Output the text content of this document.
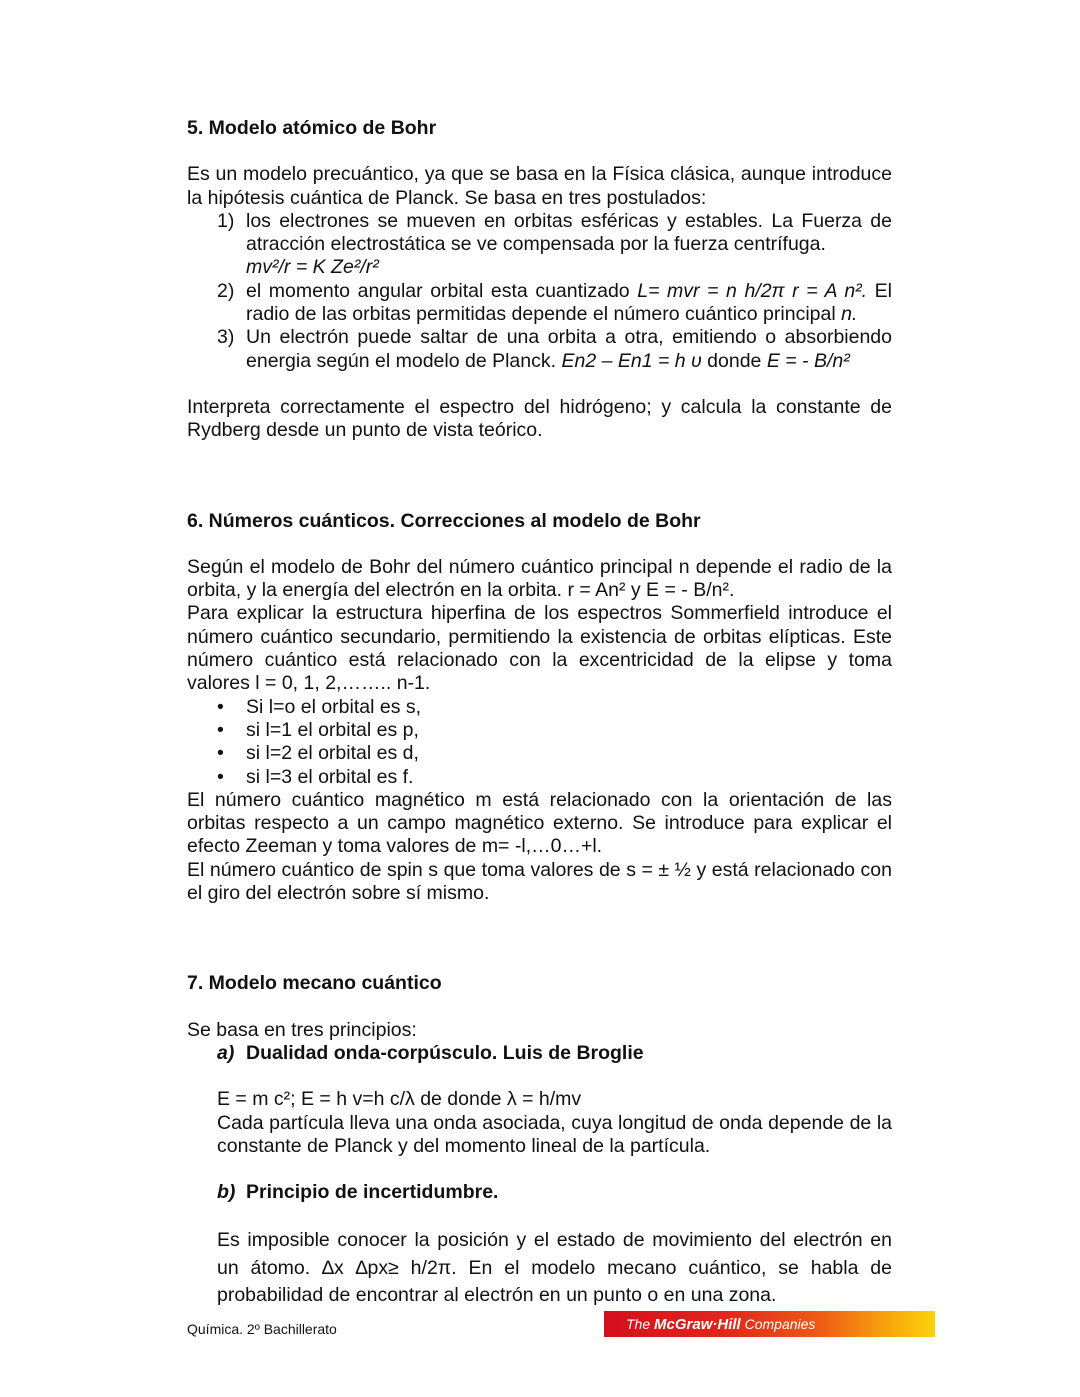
5. Modelo atómico de Bohr

Es un modelo precuántico, ya que se basa en la Física clásica, aunque introduce la hipótesis cuántica de Planck. Se basa en tres postulados:

1) los electrones se mueven en orbitas esféricas y estables. La Fuerza de atracción electrostática se ve compensada por la fuerza centrífuga.
mv²/r = K Ze²/r²
2) el momento angular orbital esta cuantizado L= mvr = n h/2π r = A n². El radio de las orbitas permitidas depende el número cuántico principal n.
3) Un electrón puede saltar de una orbita a otra, emitiendo o absorbiendo energia según el modelo de Planck. En2 – En1 = h υ donde E = - B/n²

Interpreta correctamente el espectro del hidrógeno; y calcula la constante de Rydberg desde un punto de vista teórico.

6. Números cuánticos. Correcciones al modelo de Bohr

Según el modelo de Bohr del número cuántico principal n depende el radio de la orbita, y la energía del electrón en la orbita. r = An² y E = - B/n².

Para explicar la estructura hiperfina de los espectros Sommerfield introduce el número cuántico secundario, permitiendo la existencia de orbitas elípticas. Este número cuántico está relacionado con la excentricidad de la elipse y toma valores l = 0, 1, 2,…….. n-1.

• Si l=o el orbital es s,
• si l=1 el orbital es p,
• si l=2 el orbital es d,
• si l=3 el orbital es f.

El número cuántico magnético m está relacionado con la orientación de las orbitas respecto a un campo magnético externo. Se introduce para explicar el efecto Zeeman y toma valores de m= -l,…0…+l.

El número cuántico de spin s que toma valores de s = ± ½ y está relacionado con el giro del electrón sobre sí mismo.

7. Modelo mecano cuántico

Se basa en tres principios:

a) Dualidad onda-corpúsculo. Luis de Broglie

E = m c²; E = h v=h c/λ de donde λ = h/mv

Cada partícula lleva una onda asociada, cuya longitud de onda depende de la constante de Planck y del momento lineal de la partícula.

b) Principio de incertidumbre.

Es imposible conocer la posición y el estado de movimiento del electrón en un átomo. ∆x ∆px≥ h/2π. En el modelo mecano cuántico, se habla de probabilidad de encontrar al electrón en un punto o en una zona.

Química. 2º Bachillerato	The McGraw·Hill Companies
